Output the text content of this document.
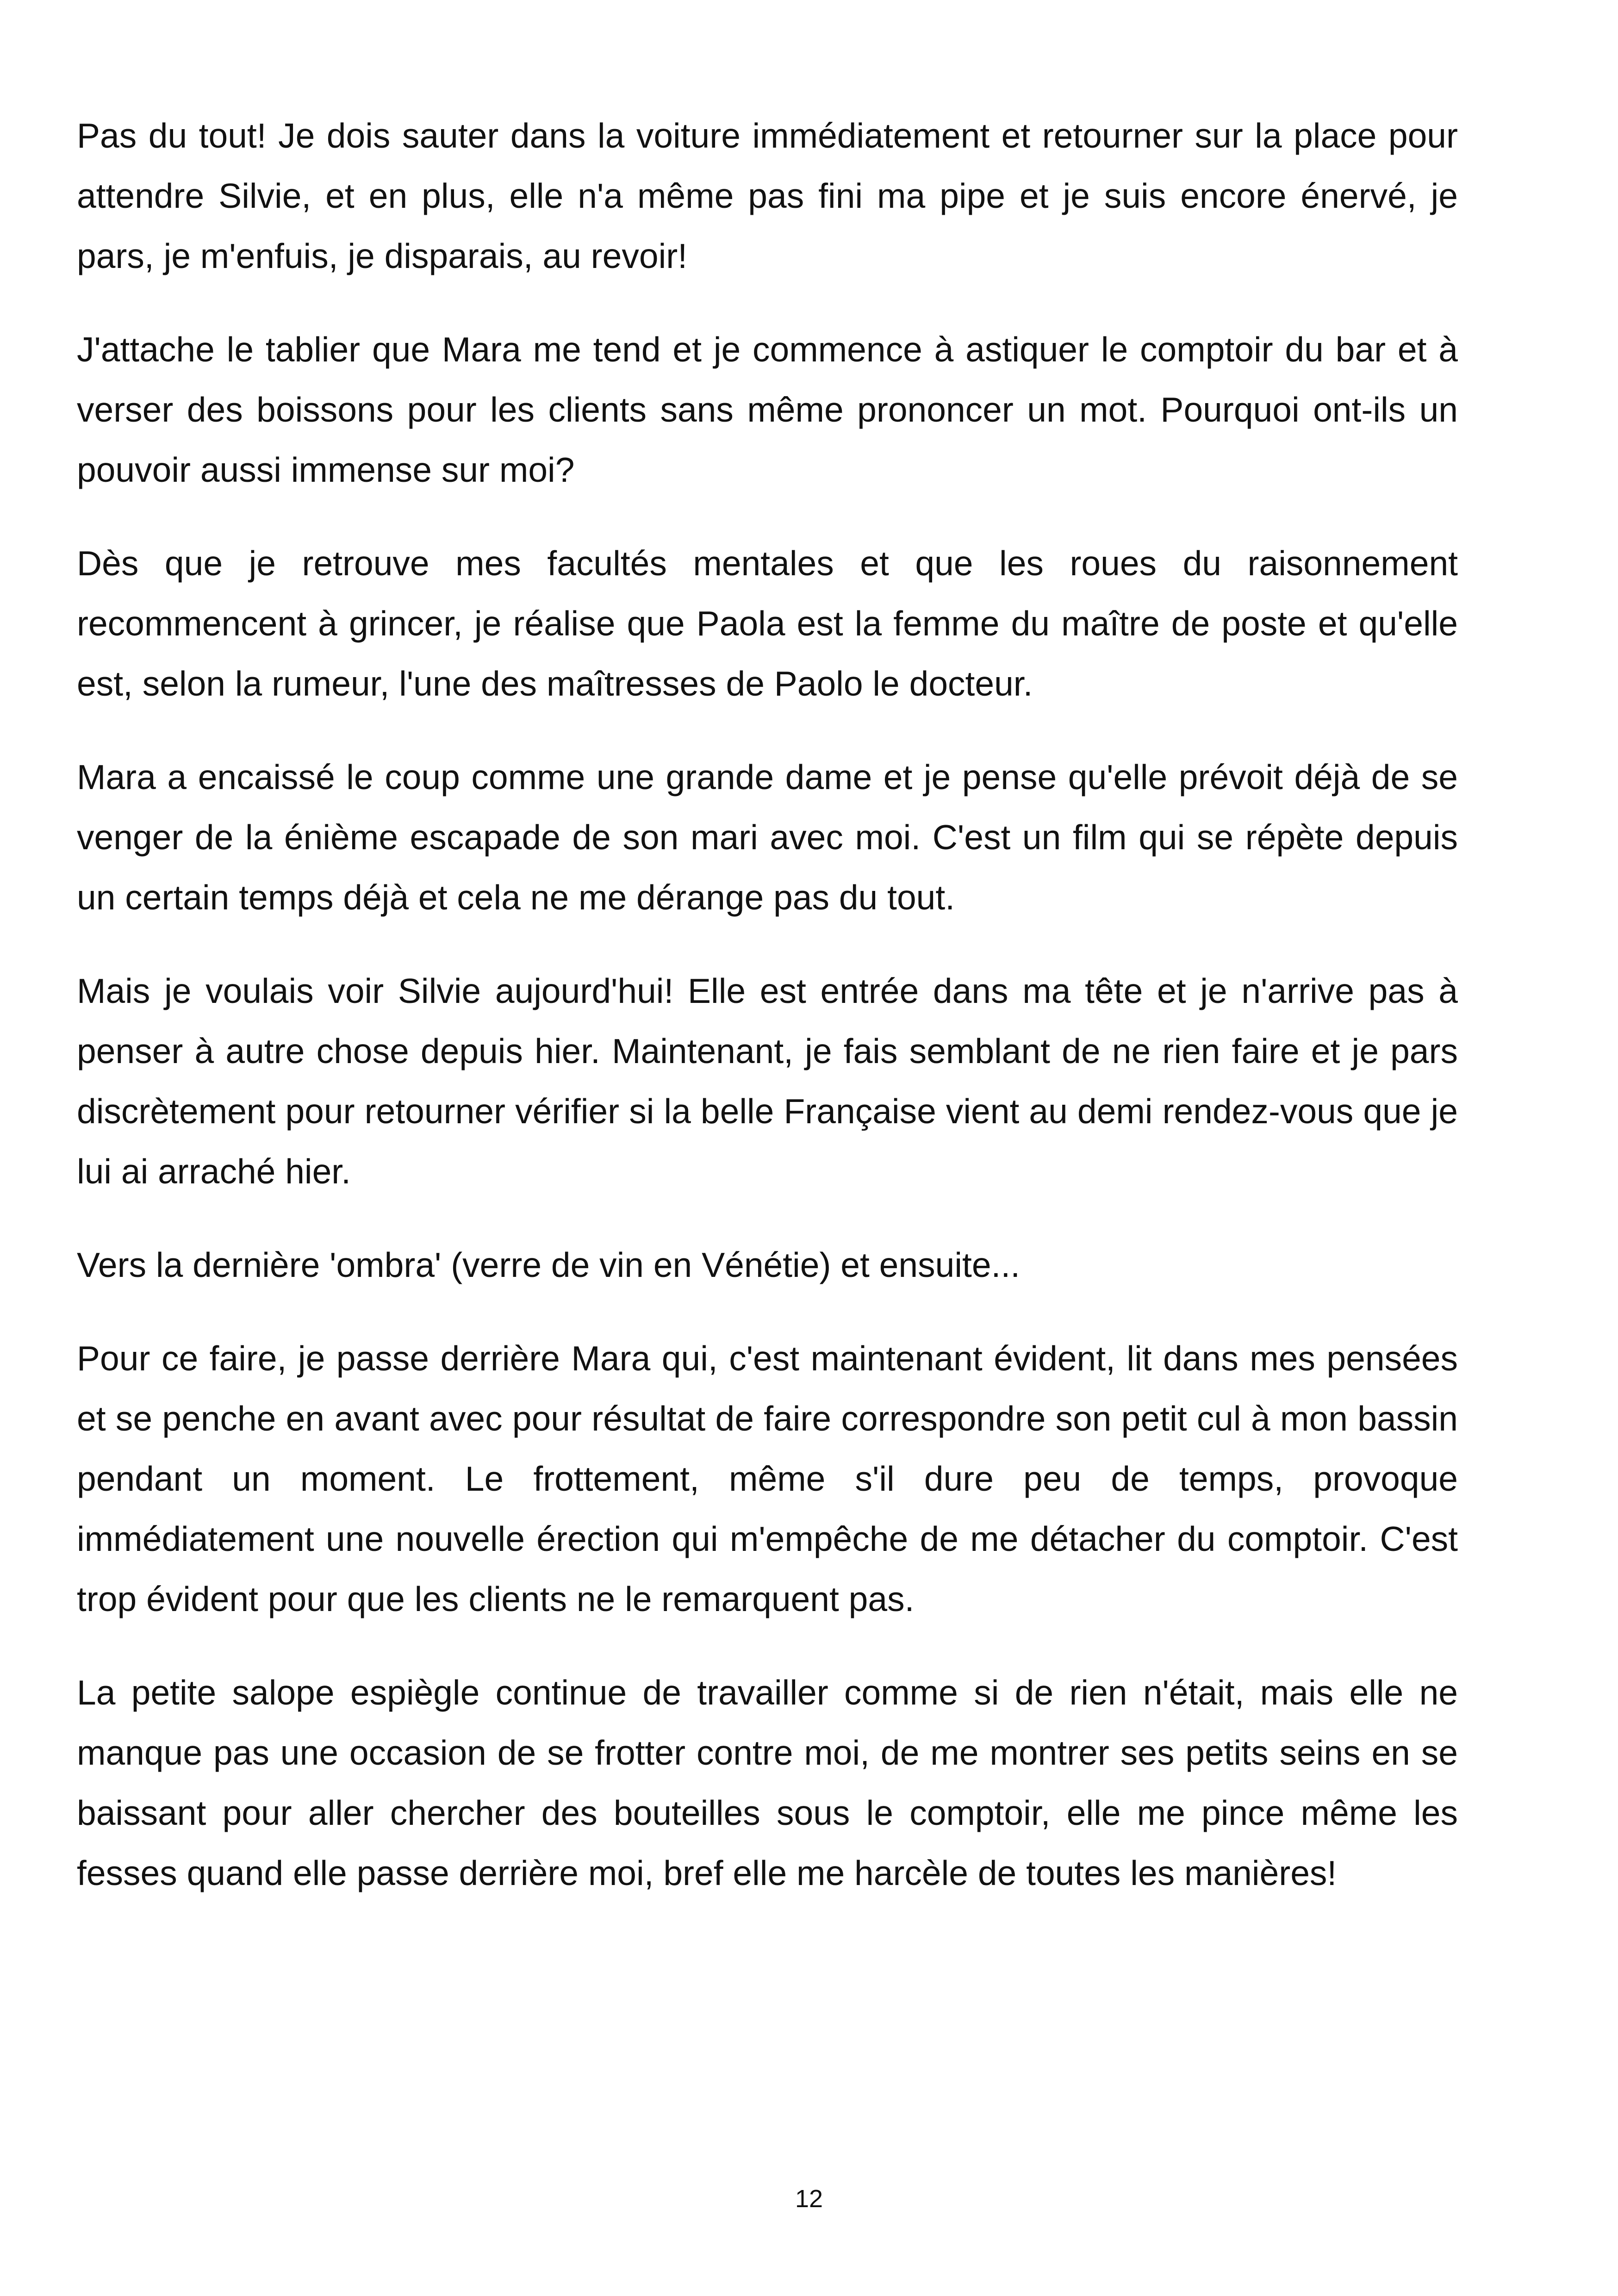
Pas du tout! Je dois sauter dans la voiture immédiatement et retourner sur la place pour attendre Silvie, et en plus, elle n'a même pas fini ma pipe et je suis encore énervé, je pars, je m'enfuis, je disparais, au revoir!

J'attache le tablier que Mara me tend et je commence à astiquer le comptoir du bar et à verser des boissons pour les clients sans même prononcer un mot. Pourquoi ont-ils un pouvoir aussi immense sur moi?

Dès que je retrouve mes facultés mentales et que les roues du raisonnement recommencent à grincer, je réalise que Paola est la femme du maître de poste et qu'elle est, selon la rumeur, l'une des maîtresses de Paolo le docteur.

Mara a encaissé le coup comme une grande dame et je pense qu'elle prévoit déjà de se venger de la énième escapade de son mari avec moi. C'est un film qui se répète depuis un certain temps déjà et cela ne me dérange pas du tout.

Mais je voulais voir Silvie aujourd'hui! Elle est entrée dans ma tête et je n'arrive pas à penser à autre chose depuis hier. Maintenant, je fais semblant de ne rien faire et je pars discrètement pour retourner vérifier si la belle Française vient au demi rendez-vous que je lui ai arraché hier.

Vers la dernière 'ombra' (verre de vin en Vénétie) et ensuite...

Pour ce faire, je passe derrière Mara qui, c'est maintenant évident, lit dans mes pensées et se penche en avant avec pour résultat de faire correspondre son petit cul à mon bassin pendant un moment. Le frottement, même s'il dure peu de temps, provoque immédiatement une nouvelle érection qui m'empêche de me détacher du comptoir. C'est trop évident pour que les clients ne le remarquent pas.

La petite salope espiègle continue de travailler comme si de rien n'était, mais elle ne manque pas une occasion de se frotter contre moi, de me montrer ses petits seins en se baissant pour aller chercher des bouteilles sous le comptoir, elle me pince même les fesses quand elle passe derrière moi, bref elle me harcèle de toutes les manières!

12
